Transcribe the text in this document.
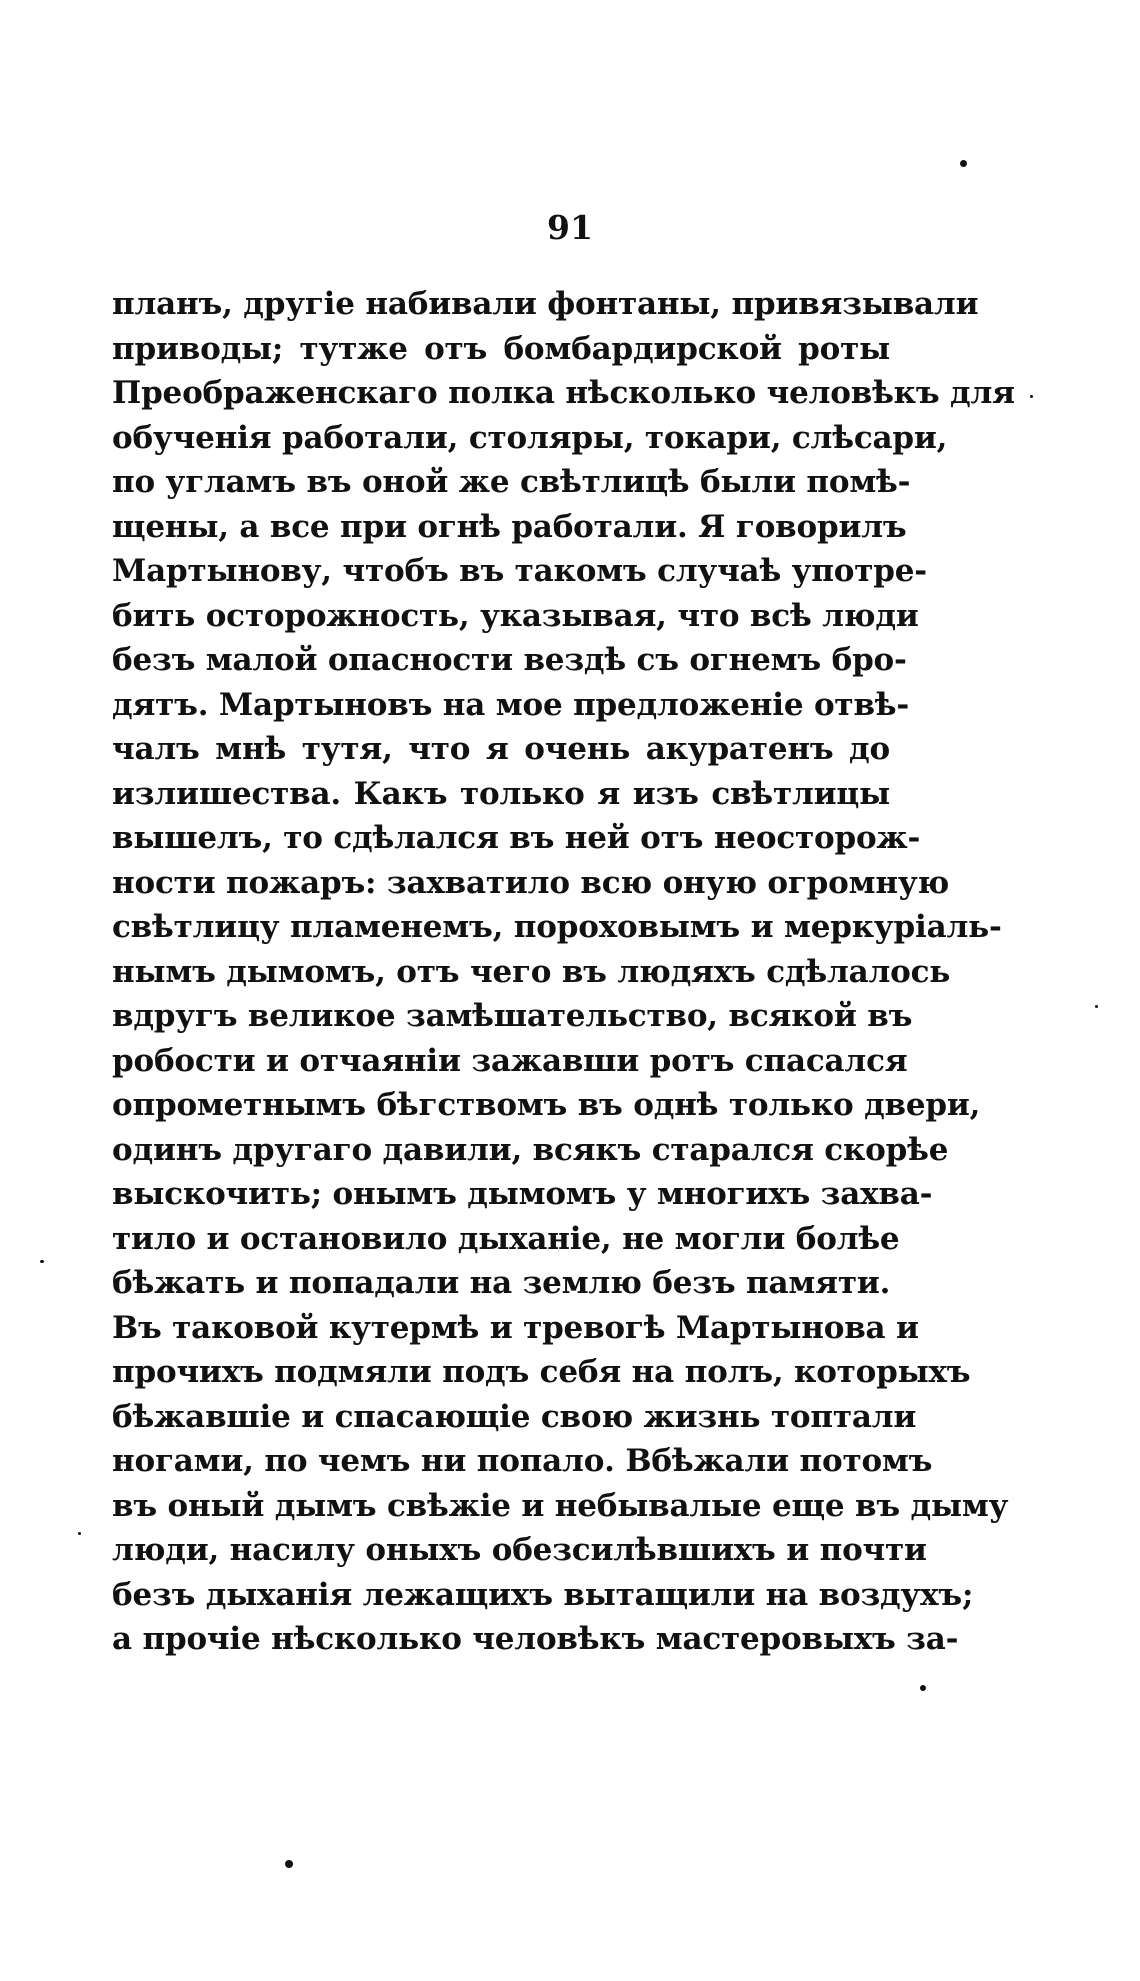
91
планъ, другіе набивали фонтаны, привязывали
приводы; тутже отъ бомбардирской роты
Преображенскаго полка нѣсколько человѣкъ для
обученія работали, столяры, токари, слѣсари,
по угламъ въ оной же свѣтлицѣ были помѣ-
щены, а все при огнѣ работали. Я говорилъ
Мартынову, чтобъ въ такомъ случаѣ употре-
бить осторожность, указывая, что всѣ люди
безъ малой опасности вездѣ съ огнемъ бро-
дятъ. Мартыновъ на мое предложеніе отвѣ-
чалъ мнѣ тутя, что я очень акуратенъ до
излишества. Какъ только я изъ свѣтлицы
вышелъ, то сдѣлался въ ней отъ неосторож-
ности пожаръ: захватило всю оную огромную
свѣтлицу пламенемъ, пороховымъ и меркуріаль-
нымъ дымомъ, отъ чего въ людяхъ сдѣлалось
вдругъ великое замѣшательство, всякой въ
робости и отчаяніи зажавши ротъ спасался
опрометнымъ бѣгствомъ въ однѣ только двери,
одинъ другаго давили, всякъ старался скорѣе
выскочить; онымъ дымомъ у многихъ захва-
тило и остановило дыханіе, не могли болѣе
бѣжать и попадали на землю безъ памяти.
Въ таковой кутермѣ и тревогѣ Мартынова и
прочихъ подмяли подъ себя на полъ, которыхъ
бѣжавшіе и спасающіе свою жизнь топтали
ногами, по чемъ ни попало. Вбѣжали потомъ
въ оный дымъ свѣжіе и небывалые еще въ дыму
люди, насилу оныхъ обезсилѣвшихъ и почти
безъ дыханія лежащихъ вытащили на воздухъ;
а прочіе нѣсколько человѣкъ мастеровыхъ за-
